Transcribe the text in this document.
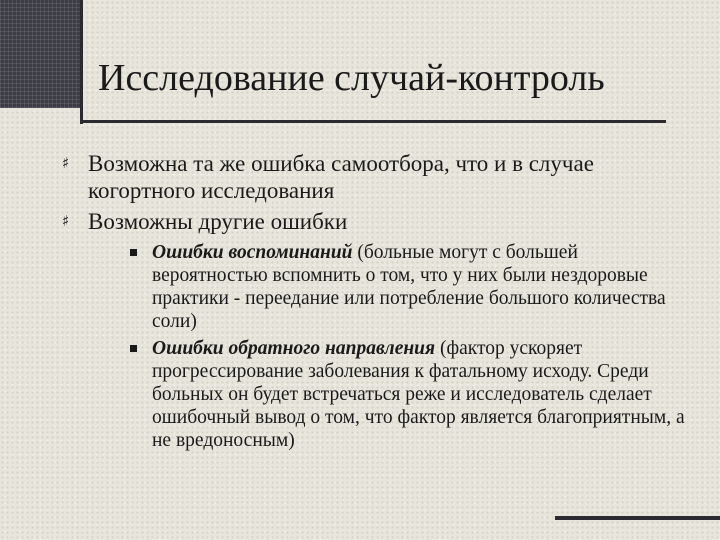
Исследование случай-контроль
♯ Возможна та же ошибка самоотбора, что и в случае когортного исследования
♯ Возможны другие ошибки
Ошибки воспоминаний (больные могут с большей вероятностью вспомнить о том, что у них были нездоровые практики - переедание или потребление большого количества соли)
Ошибки обратного направления (фактор ускоряет прогрессирование заболевания к фатальному исходу. Среди больных он будет встречаться реже и исследователь сделает ошибочный вывод о том, что фактор является благоприятным, а не вредоносным)
